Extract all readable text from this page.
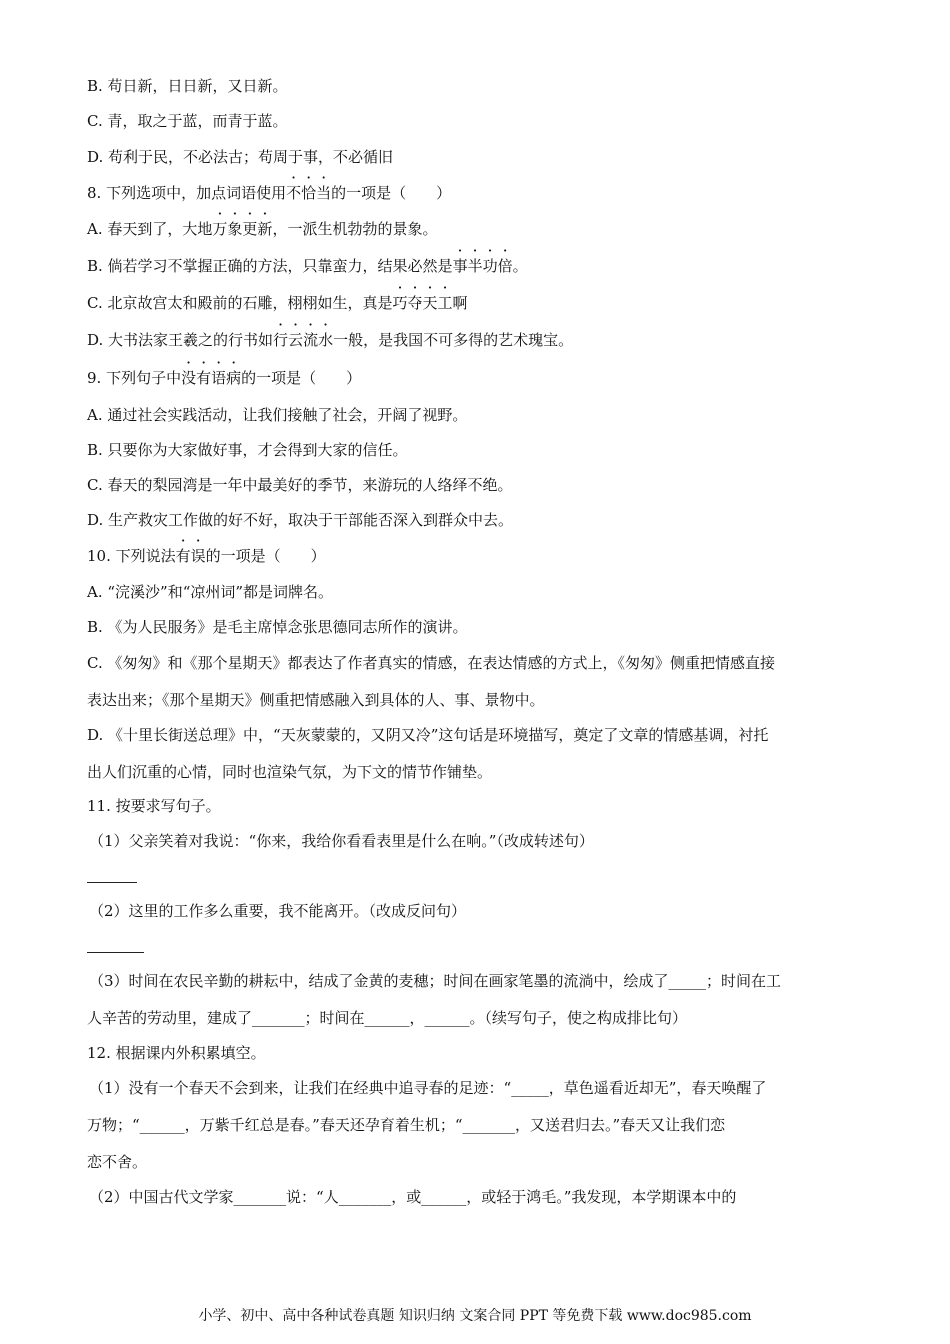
B. 苟日新，日日新，又日新。
C. 青，取之于蓝，而青于蓝。
D. 苟利于民，不必法古；苟周于事，不必循旧
8. 下列选项中，加点词语使用不恰当的一项是（　　）
A. 春天到了，大地万象更新，一派生机勃勃的景象。
B. 倘若学习不掌握正确的方法，只靠蛮力，结果必然是事半功倍。
C. 北京故宫太和殿前的石雕，栩栩如生，真是巧夺天工啊
D. 大书法家王羲之的行书如行云流水一般，是我国不可多得的艺术瑰宝。
9. 下列句子中没有语病的一项是（　　）
A. 通过社会实践活动，让我们接触了社会，开阔了视野。
B. 只要你为大家做好事，才会得到大家的信任。
C. 春天的梨园湾是一年中最美好的季节，来游玩的人络绎不绝。
D. 生产救灾工作做的好不好，取决于干部能否深入到群众中去。
10. 下列说法有误的一项是（　　）
A. “浣溪沙”和“凉州词”都是词牌名。
B. 《为人民服务》是毛主席悼念张思德同志所作的演讲。
C. 《匆匆》和《那个星期天》都表达了作者真实的情感，在表达情感的方式上，《匆匆》侧重把情感直接
表达出来；《那个星期天》侧重把情感融入到具体的人、事、景物中。
D. 《十里长街送总理》中，“天灰蒙蒙的，又阴又冷”这句话是环境描写，奠定了文章的情感基调，衬托
出人们沉重的心情，同时也渲染气氛，为下文的情节作铺垫。
11. 按要求写句子。
（1）父亲笑着对我说：“你来，我给你看看表里是什么在响。”（改成转述句）
（2）这里的工作多么重要，我不能离开。（改成反问句）
（3）时间在农民辛勤的耕耘中，结成了金黄的麦穗；时间在画家笔墨的流淌中，绘成了_____；时间在工
人辛苦的劳动里，建成了_______；时间在______，______。（续写句子，使之构成排比句）
12. 根据课内外积累填空。
（1）没有一个春天不会到来，让我们在经典中追寻春的足迹：“_____，草色遥看近却无”，春天唤醒了
万物；“______，万紫千红总是春。”春天还孕育着生机；“_______，又送君归去。”春天又让我们恋
恋不舍。
（2）中国古代文学家_______说：“人_______，或______，或轻于鸿毛。”我发现，本学期课本中的
小学、初中、高中各种试卷真题 知识归纳 文案合同 PPT 等免费下载 www.doc985.com
